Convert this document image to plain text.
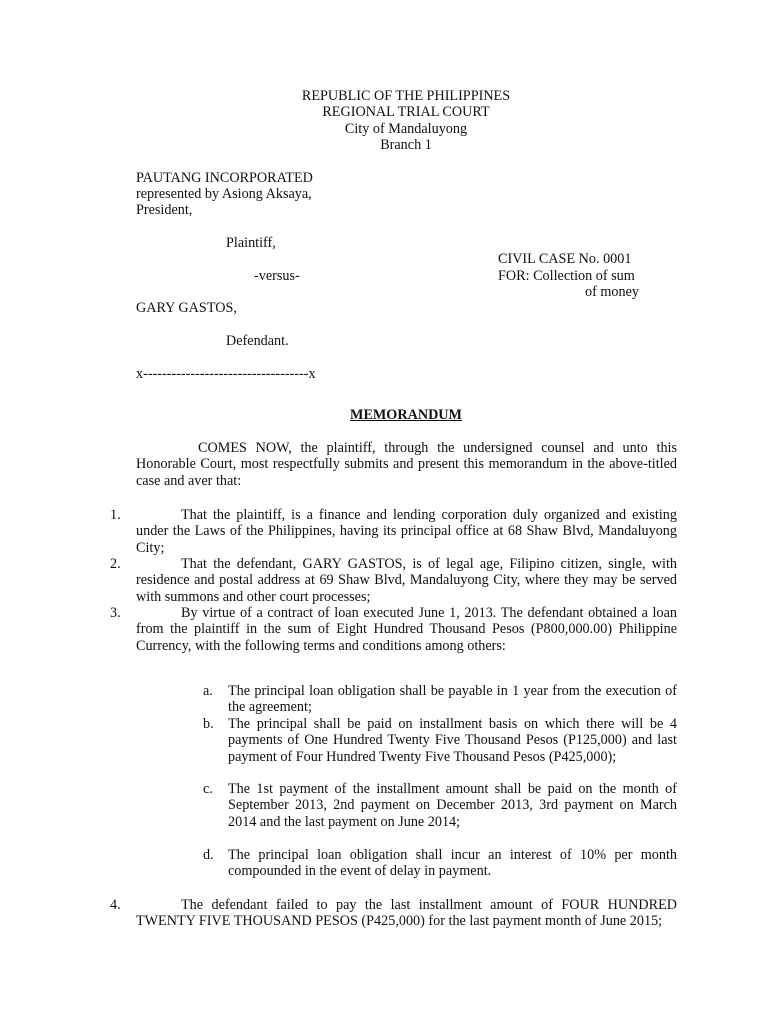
REPUBLIC OF THE PHILIPPINES
REGIONAL TRIAL COURT
City of Mandaluyong
Branch 1
PAUTANG INCORPORATED
represented by Asiong Aksaya,
President,
Plaintiff,
-versus-
GARY GASTOS,
Defendant.
x-----------------------------------x
CIVIL CASE No. 0001
FOR: Collection of sum
of money
MEMORANDUM
COMES NOW, the plaintiff, through the undersigned counsel and unto this Honorable Court, most respectfully submits and present this memorandum in the above-titled case and aver that:
1.	That the plaintiff, is a finance and lending corporation duly organized and existing under the Laws of the Philippines, having its principal office at 68 Shaw Blvd, Mandaluyong City;
2.	That the defendant, GARY GASTOS, is of legal age, Filipino citizen, single, with residence and postal address at 69 Shaw Blvd, Mandaluyong City, where they may be served with summons and other court processes;
3.	By virtue of a contract of loan executed June 1, 2013. The defendant obtained a loan from the plaintiff in the sum of Eight Hundred Thousand Pesos (P800,000.00) Philippine Currency, with the following terms and conditions among others:
a. The principal loan obligation shall be payable in 1 year from the execution of the agreement;
b. The principal shall be paid on installment basis on which there will be 4 payments of One Hundred Twenty Five Thousand Pesos (P125,000) and last payment of Four Hundred Twenty Five Thousand Pesos (P425,000);
c. The 1st payment of the installment amount shall be paid on the month of September 2013, 2nd payment on December 2013, 3rd payment on March 2014 and the last payment on June 2014;
d. The principal loan obligation shall incur an interest of 10% per month compounded in the event of delay in payment.
4.	The defendant failed to pay the last installment amount of FOUR HUNDRED TWENTY FIVE THOUSAND PESOS (P425,000) for the last payment month of June 2015;
